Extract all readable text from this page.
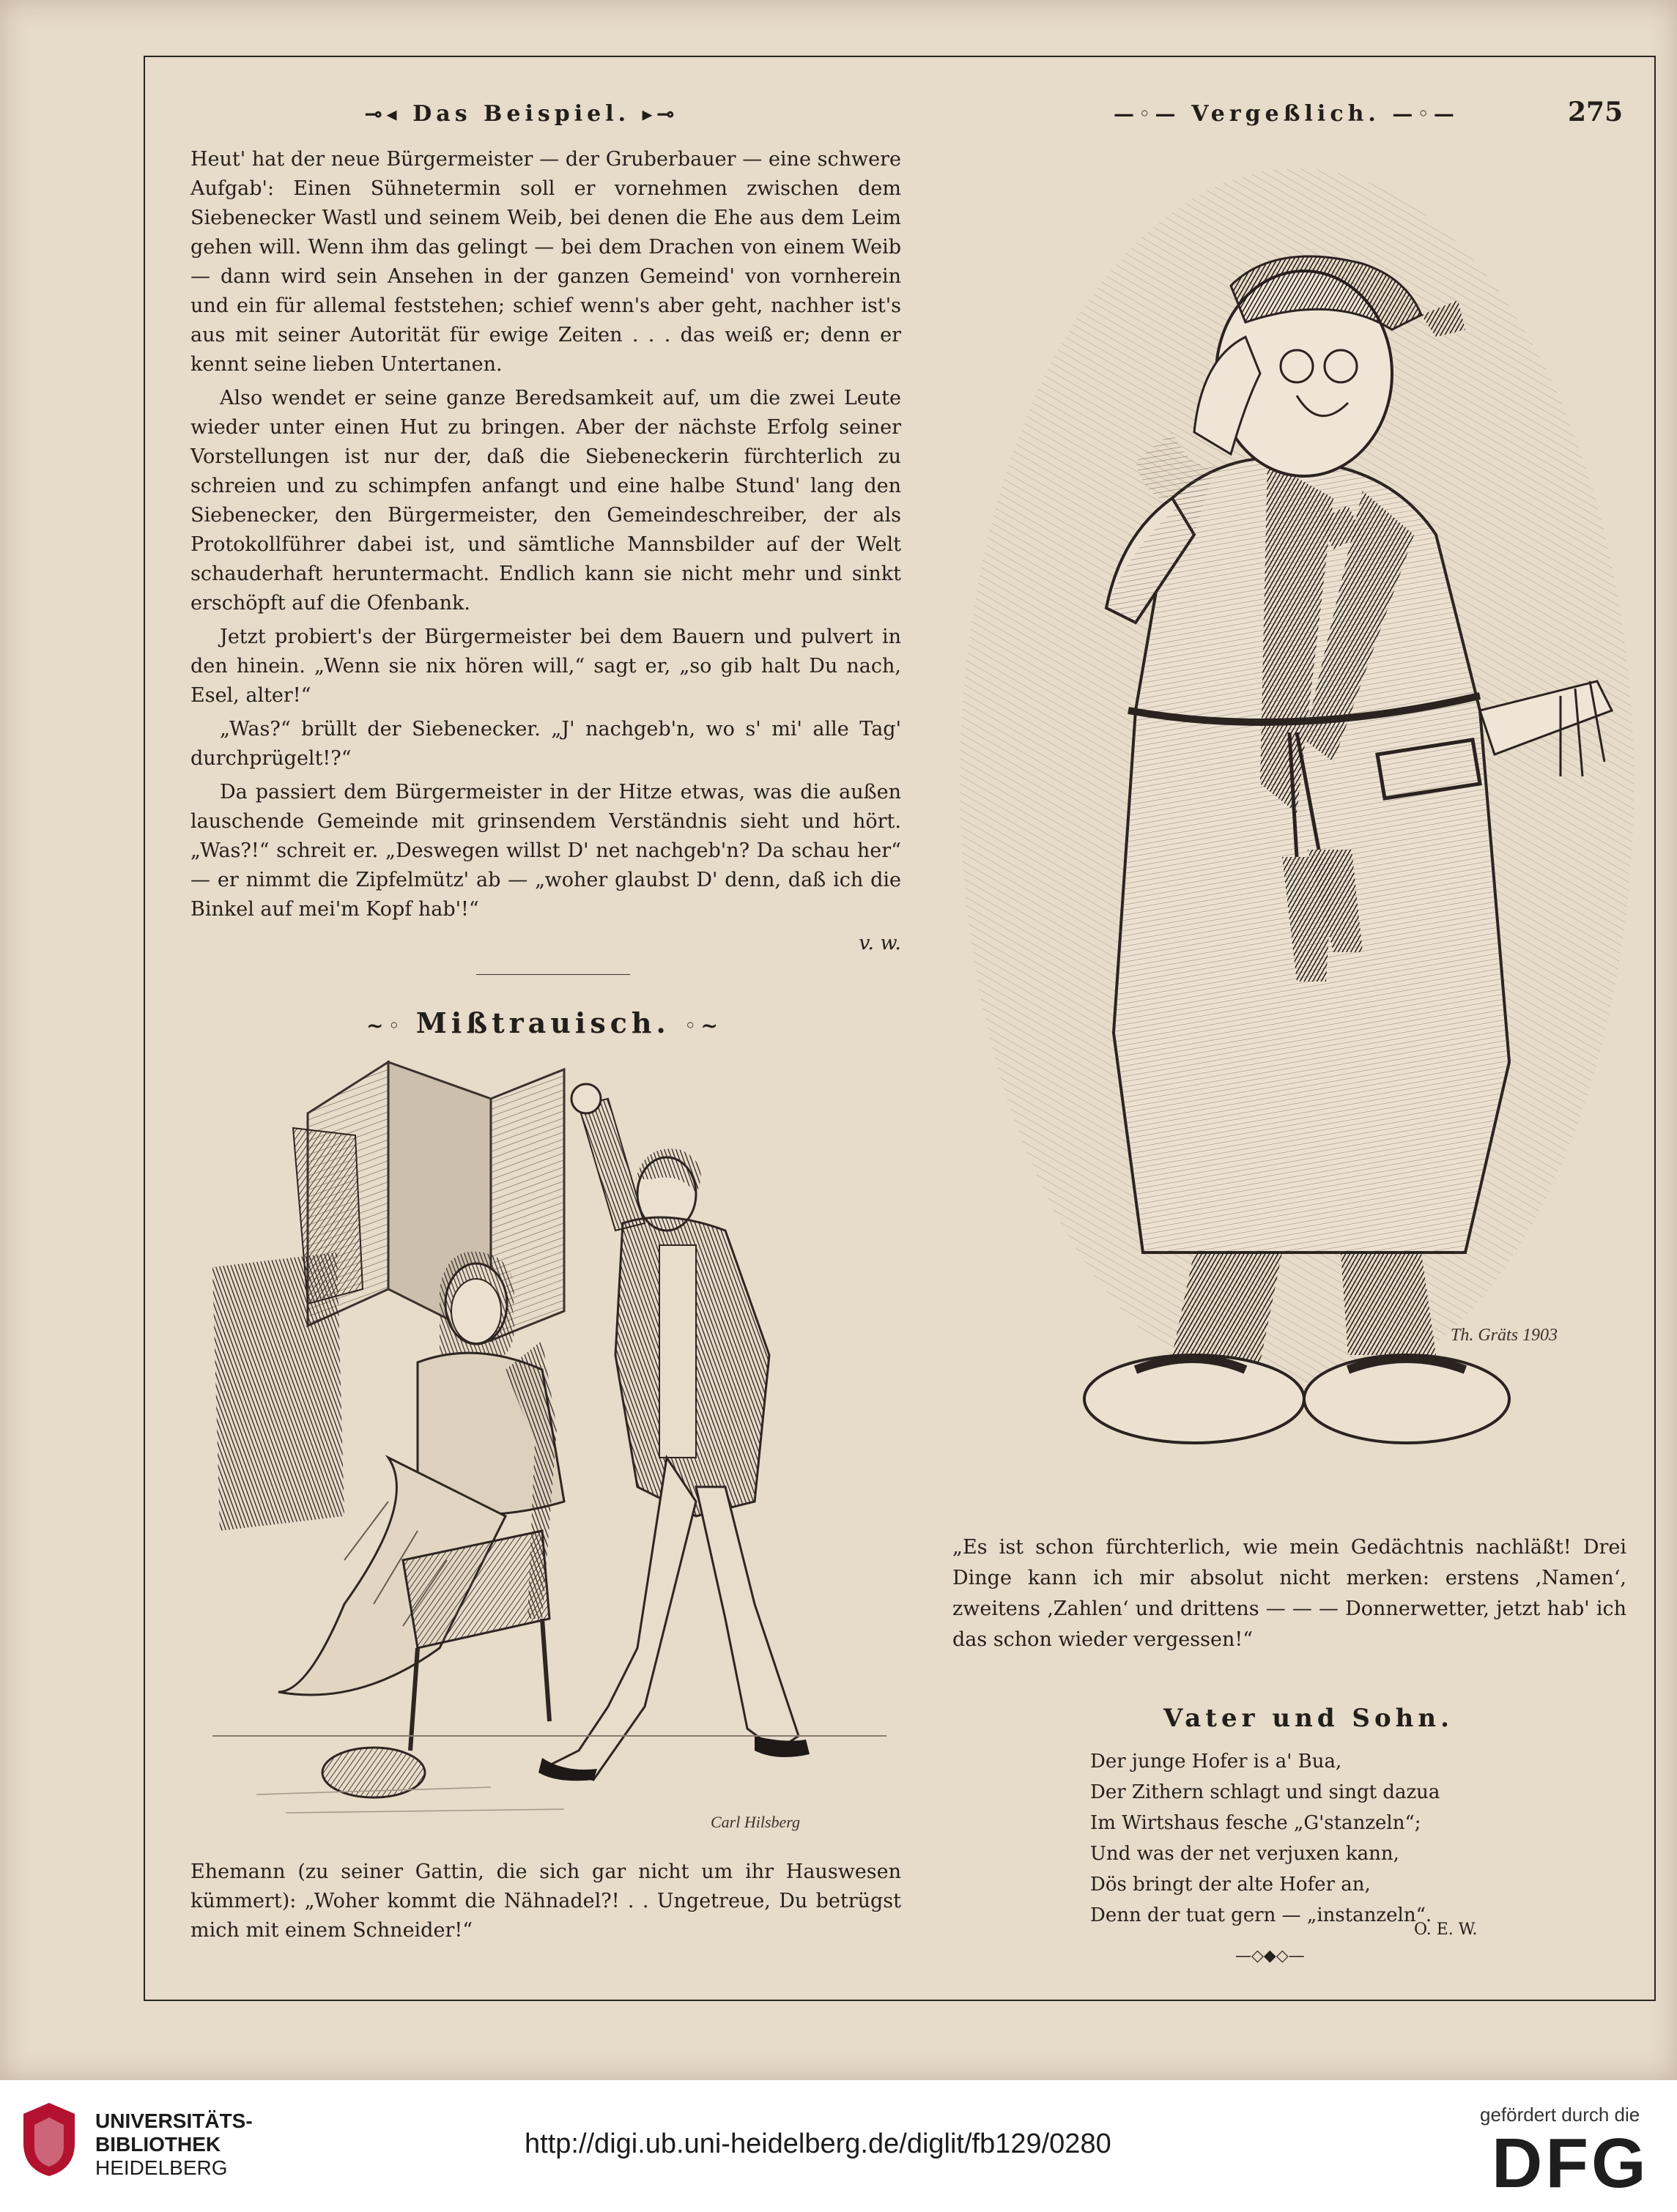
⊸◂ Das Beispiel. ▸⊸	—◦— Vergeßlich. —◦—	275

Heut' hat der neue Bürgermeister — der Gruberbauer — eine schwere Aufgab': Einen Sühnetermin soll er vornehmen zwischen dem Siebenecker Wastl und seinem Weib, bei denen die Ehe aus dem Leim gehen will. Wenn ihm das gelingt — bei dem Drachen von einem Weib — dann wird sein Ansehen in der ganzen Gemeind' von vornherein und ein für allemal feststehen; schief wenn's aber geht, nachher ist's aus mit seiner Autorität für ewige Zeiten . . . das weiß er; denn er kennt seine lieben Untertanen.

Also wendet er seine ganze Beredsamkeit auf, um die zwei Leute wieder unter einen Hut zu bringen. Aber der nächste Erfolg seiner Vorstellungen ist nur der, daß die Siebeneckerin fürchterlich zu schreien und zu schimpfen anfangt und eine halbe Stund' lang den Siebenecker, den Bürgermeister, den Gemeindeschreiber, der als Protokollführer dabei ist, und sämtliche Mannsbilder auf der Welt schauderhaft heruntermacht. Endlich kann sie nicht mehr und sinkt erschöpft auf die Ofenbank.

Jetzt probiert's der Bürgermeister bei dem Bauern und pulvert in den hinein. „Wenn sie nix hören will,“ sagt er, „so gib halt Du nach, Esel, alter!“

„Was?“ brüllt der Siebenecker. „J' nachgeb'n, wo s' mi' alle Tag' durchprügelt!?“

Da passiert dem Bürgermeister in der Hitze etwas, was die außen lauschende Gemeinde mit grinsendem Verständnis sieht und hört. „Was?!“ schreit er. „Deswegen willst D' net nachgeb'n? Da schau her“ — er nimmt die Zipfelmütz' ab — „woher glaubst D' denn, daß ich die Binkel auf mei'm Kopf hab'!“

v. w.
~◦ Mißtrauisch. ◦~
Carl Hilsberg
Ehemann (zu seiner Gattin, die sich gar nicht um ihr Hauswesen kümmert): „Woher kommt die Nähnadel?! . . Ungetreue, Du betrügst mich mit einem Schneider!“
Th. Gräts 1903
„Es ist schon fürchterlich, wie mein Gedächtnis nachläßt! Drei Dinge kann ich mir absolut nicht merken: erstens ‚Namen‘, zweitens ‚Zahlen‘ und drittens — — — Donnerwetter, jetzt hab' ich das schon wieder vergessen!“
Vater und Sohn.
Der junge Hofer is a' Bua,
Der Zithern schlagt und singt dazua
Im Wirtshaus fesche „G'stanzeln“;
Und was der net verjuxen kann,
Dös bringt der alte Hofer an,
Denn der tuat gern — „instanzeln“.
O. E. W.
—◇◆◇—
UNIVERSITÄTS-
BIBLIOTHEK
HEIDELBERG
http://digi.ub.uni-heidelberg.de/diglit/fb129/0280
gefördert durch die
DFG
